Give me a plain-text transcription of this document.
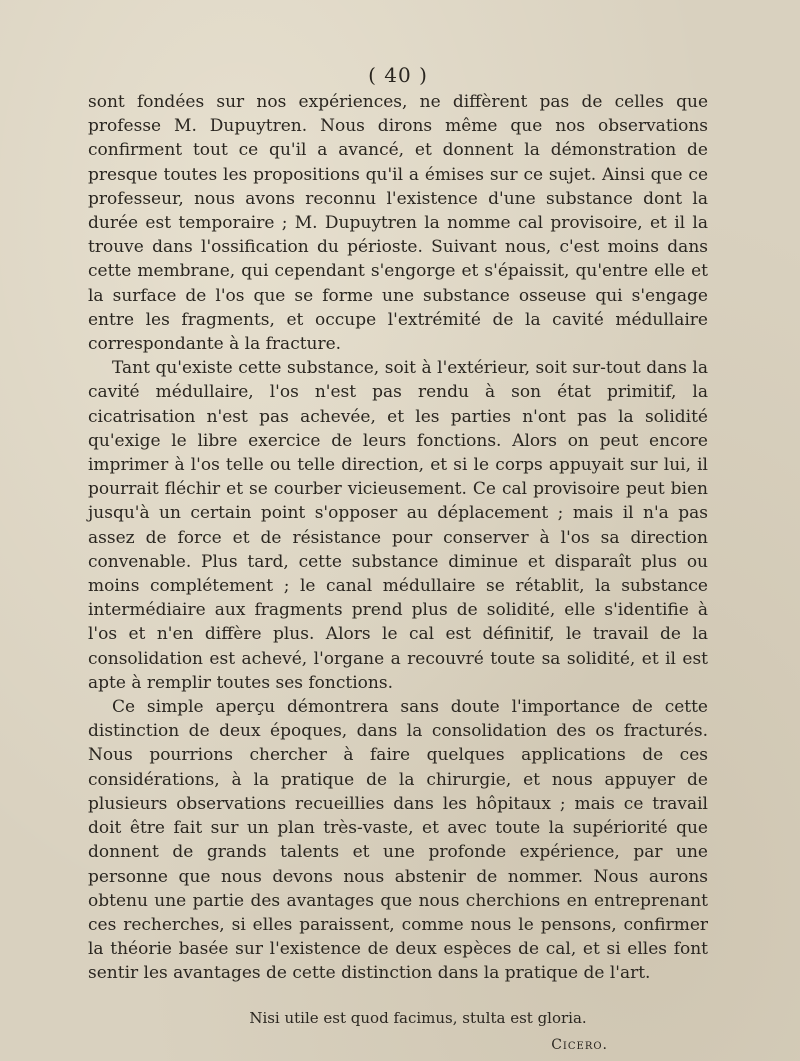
( 40 )

sont fondées sur nos expériences, ne diffèrent pas de celles que professe M. Dupuytren. Nous dirons même que nos observations confirment tout ce qu'il a avancé, et donnent la démonstration de presque toutes les propositions qu'il a émises sur ce sujet. Ainsi que ce professeur, nous avons reconnu l'existence d'une substance dont la durée est temporaire ; M. Dupuytren la nomme cal provisoire, et il la trouve dans l'ossification du périoste. Suivant nous, c'est moins dans cette membrane, qui cependant s'engorge et s'épaissit, qu'entre elle et la surface de l'os que se forme une substance osseuse qui s'engage entre les fragments, et occupe l'extrémité de la cavité médullaire correspondante à la fracture.

Tant qu'existe cette substance, soit à l'extérieur, soit sur-tout dans la cavité médullaire, l'os n'est pas rendu à son état primitif, la cicatrisation n'est pas achevée, et les parties n'ont pas la solidité qu'exige le libre exercice de leurs fonctions. Alors on peut encore imprimer à l'os telle ou telle direction, et si le corps appuyait sur lui, il pourrait fléchir et se courber vicieusement. Ce cal provisoire peut bien jusqu'à un certain point s'opposer au déplacement ; mais il n'a pas assez de force et de résistance pour conserver à l'os sa direction convenable. Plus tard, cette substance diminue et disparaît plus ou moins complétement ; le canal médullaire se rétablit, la substance intermédiaire aux fragments prend plus de solidité, elle s'identifie à l'os et n'en diffère plus. Alors le cal est définitif, le travail de la consolidation est achevé, l'organe a recouvré toute sa solidité, et il est apte à remplir toutes ses fonctions.

Ce simple aperçu démontrera sans doute l'importance de cette distinction de deux époques, dans la consolidation des os fracturés. Nous pourrions chercher à faire quelques applications de ces considérations, à la pratique de la chirurgie, et nous appuyer de plusieurs observations recueillies dans les hôpitaux ; mais ce travail doit être fait sur un plan très-vaste, et avec toute la supériorité que donnent de grands talents et une profonde expérience, par une personne que nous devons nous abstenir de nommer. Nous aurons obtenu une partie des avantages que nous cherchions en entreprenant ces recherches, si elles paraissent, comme nous le pensons, confirmer la théorie basée sur l'existence de deux espèces de cal, et si elles font sentir les avantages de cette distinction dans la pratique de l'art.

Nisi utile est quod facimus, stulta est gloria.
Cicero.
